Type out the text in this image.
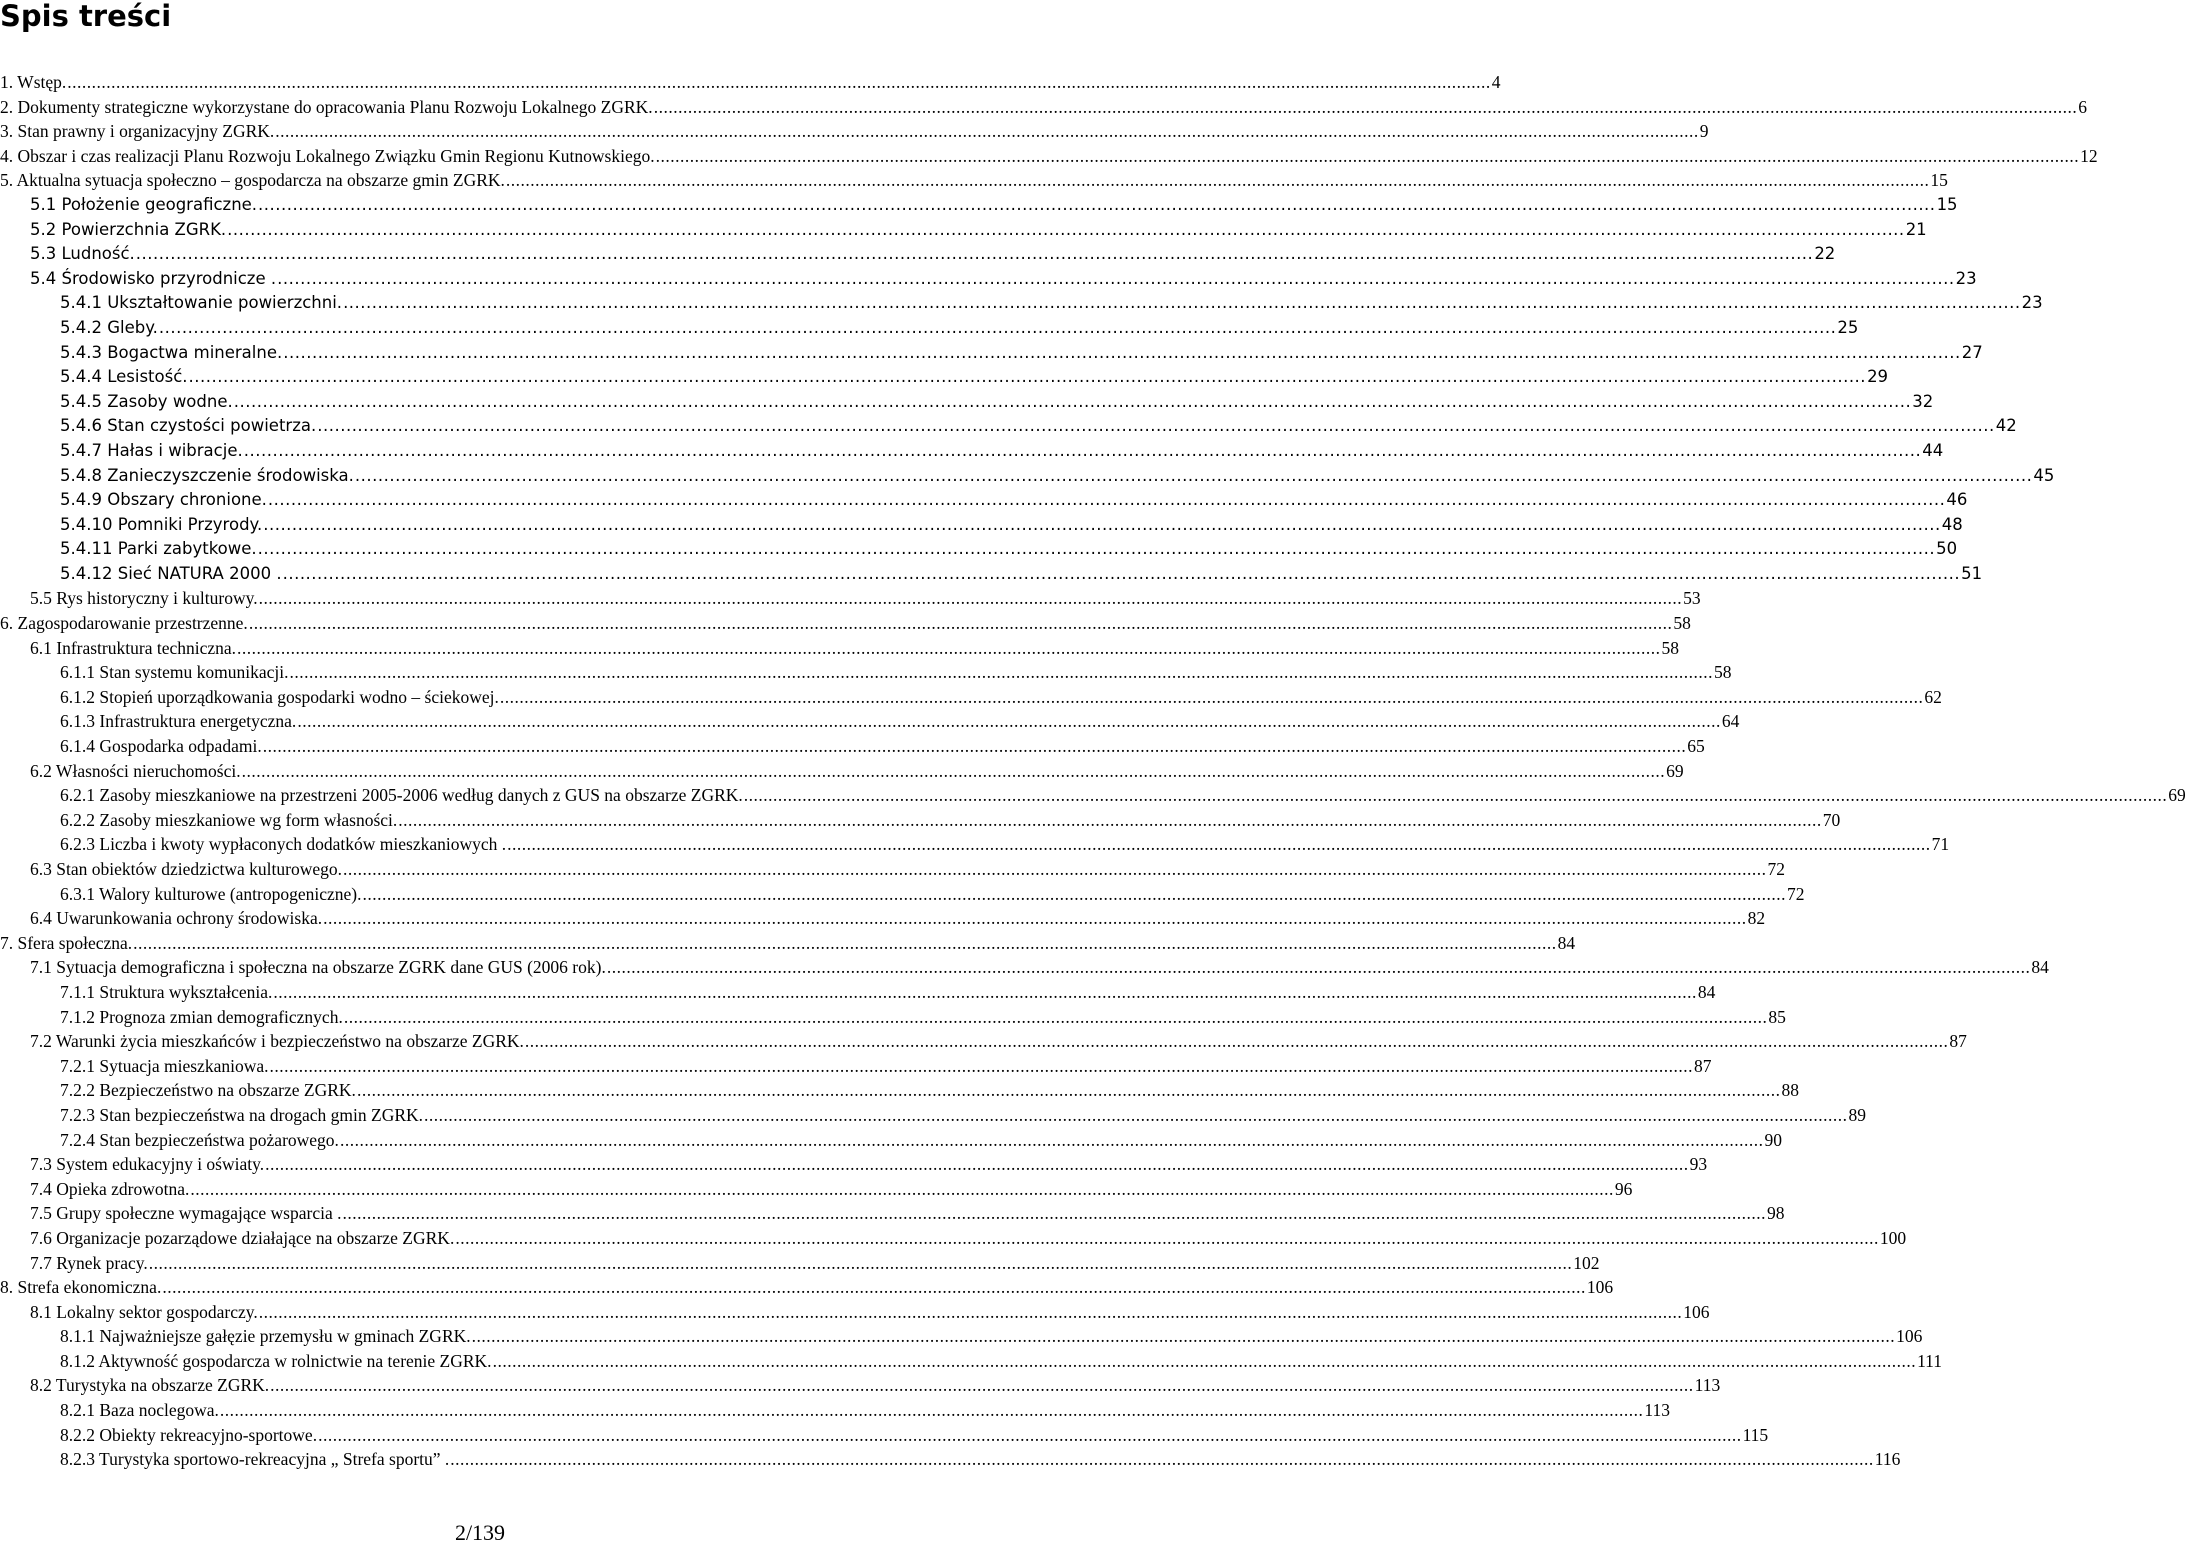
Spis treści
1. Wstęp. .....	4
2. Dokumenty strategiczne wykorzystane do opracowania Planu Rozwoju Lokalnego ZGRK. .....	6
3. Stan prawny i organizacyjny ZGRK. .....	9
4. Obszar i czas realizacji Planu Rozwoju Lokalnego Związku Gmin Regionu Kutnowskiego. .....	12
5. Aktualna sytuacja społeczno – gospodarcza na obszarze gmin ZGRK. .....	15
5.1 Położenie geograficzne. .....	15
5.2 Powierzchnia ZGRK. .....	21
5.3 Ludność. .....	22
5.4 Środowisko przyrodnicze . .....	23
5.4.1 Ukształtowanie powierzchni. .....	23
5.4.2 Gleby. .....	25
5.4.3 Bogactwa mineralne. .....	27
5.4.4 Lesistość. .....	29
5.4.5 Zasoby wodne. .....	32
5.4.6 Stan czystości powietrza. .....	42
5.4.7 Hałas i wibracje. .....	44
5.4.8 Zanieczyszczenie środowiska. .....	45
5.4.9 Obszary chronione. .....	46
5.4.10 Pomniki Przyrody. .....	48
5.4.11 Parki zabytkowe. .....	50
5.4.12 Sieć NATURA 2000 . .....	51
5.5 Rys historyczny i kulturowy. .....	53
6. Zagospodarowanie przestrzenne. .....	58
6.1 Infrastruktura techniczna. .....	58
6.1.1 Stan systemu komunikacji. .....	58
6.1.2 Stopień uporządkowania gospodarki wodno – ściekowej. .....	62
6.1.3 Infrastruktura energetyczna. .....	64
6.1.4 Gospodarka odpadami. .....	65
6.2 Własności nieruchomości. .....	69
6.2.1 Zasoby mieszkaniowe na przestrzeni 2005-2006 według danych z GUS na obszarze ZGRK. .....	69
6.2.2 Zasoby mieszkaniowe wg form własności. .....	70
6.2.3 Liczba i kwoty wypłaconych dodatków mieszkaniowych . .....	71
6.3 Stan obiektów dziedzictwa kulturowego. .....	72
6.3.1 Walory kulturowe (antropogeniczne). .....	72
6.4 Uwarunkowania ochrony środowiska. .....	82
7. Sfera społeczna. .....	84
7.1 Sytuacja demograficzna i społeczna na obszarze ZGRK dane GUS (2006 rok). .....	84
7.1.1 Struktura wykształcenia. .....	84
7.1.2 Prognoza zmian demograficznych. .....	85
7.2 Warunki życia mieszkańców i bezpieczeństwo na obszarze ZGRK. .....	87
7.2.1 Sytuacja mieszkaniowa. .....	87
7.2.2 Bezpieczeństwo na obszarze ZGRK. .....	88
7.2.3 Stan bezpieczeństwa na drogach gmin ZGRK. .....	89
7.2.4 Stan bezpieczeństwa pożarowego. .....	90
7.3 System edukacyjny i oświaty. .....	93
7.4 Opieka zdrowotna. .....	96
7.5 Grupy społeczne wymagające wsparcia . .....	98
7.6 Organizacje pozarządowe działające na obszarze ZGRK. .....	100
7.7 Rynek pracy. .....	102
8. Strefa ekonomiczna. .....	106
8.1 Lokalny sektor gospodarczy. .....	106
8.1.1 Najważniejsze gałęzie przemysłu w gminach ZGRK. .....	106
8.1.2 Aktywność gospodarcza w rolnictwie na terenie ZGRK. .....	111
8.2 Turystyka na obszarze ZGRK. .....	113
8.2.1 Baza noclegowa. .....	113
8.2.2 Obiekty rekreacyjno-sportowe. .....	115
8.2.3 Turystyka sportowo-rekreacyjna „ Strefa sportu” . .....	116
2/139
